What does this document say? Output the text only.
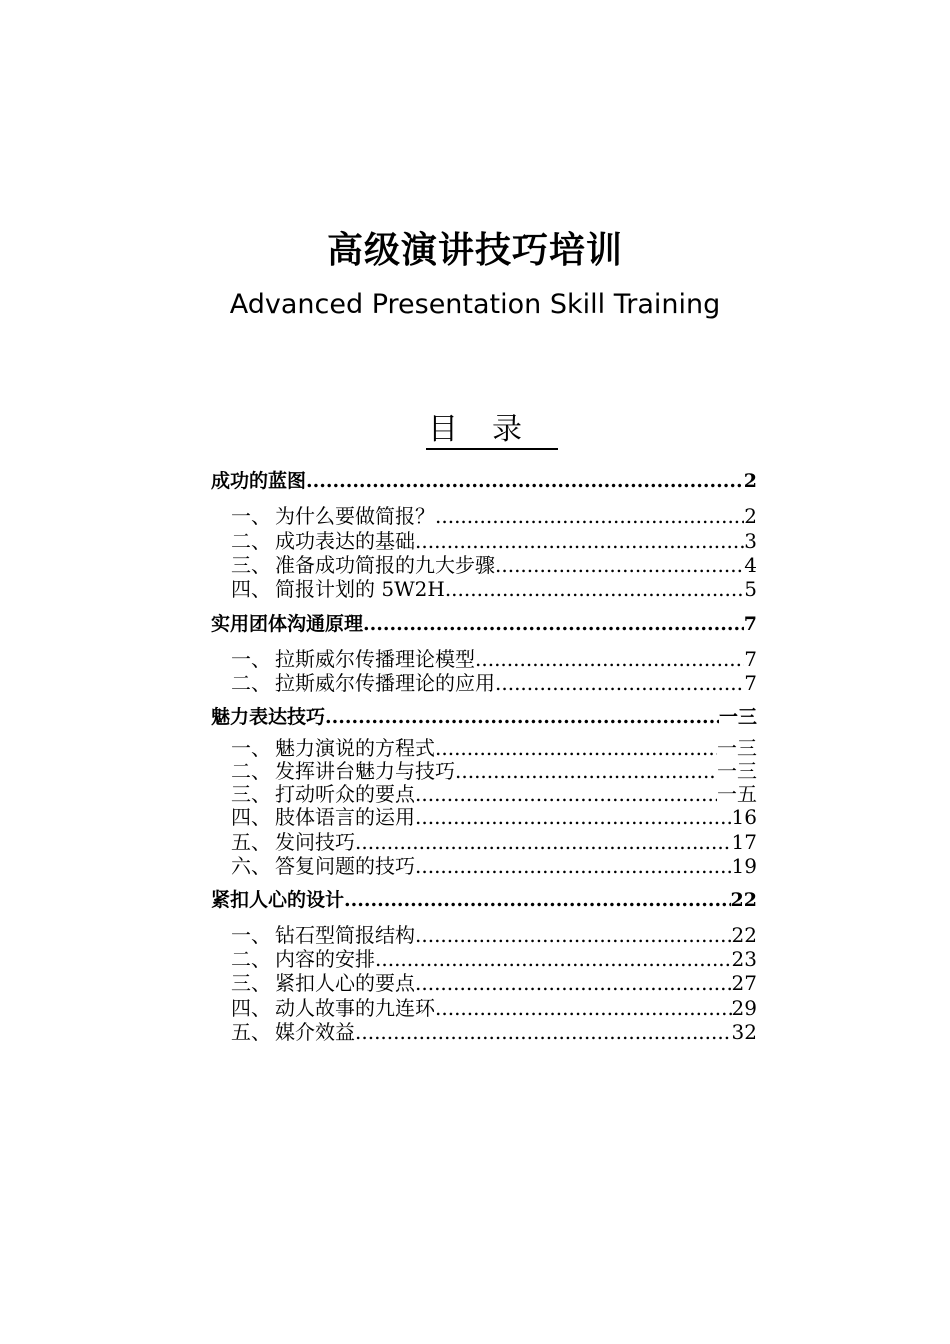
高级演讲技巧培训
Advanced Presentation Skill Training
目录
成功的蓝图 .....	2
一、 为什么要做简报？ .....	2
二、 成功表达的基础 .....	3
三、 准备成功简报的九大步骤 .....	4
四、 简报计划的 5W2H .....	5
实用团体沟通原理 .....	7
一、 拉斯威尔传播理论模型 .....	7
二、 拉斯威尔传播理论的应用 .....	7
魅力表达技巧 .....	一三
一、 魅力演说的方程式 .....	一三
二、 发挥讲台魅力与技巧 .....	一三
三、 打动听众的要点 .....	一五
四、 肢体语言的运用 .....	16
五、 发问技巧 .....	17
六、 答复问题的技巧 .....	19
紧扣人心的设计 .....	22
一、 钻石型简报结构 .....	22
二、 内容的安排 .....	23
三、 紧扣人心的要点 .....	27
四、 动人故事的九连环 .....	29
五、 媒介效益 .....	32
